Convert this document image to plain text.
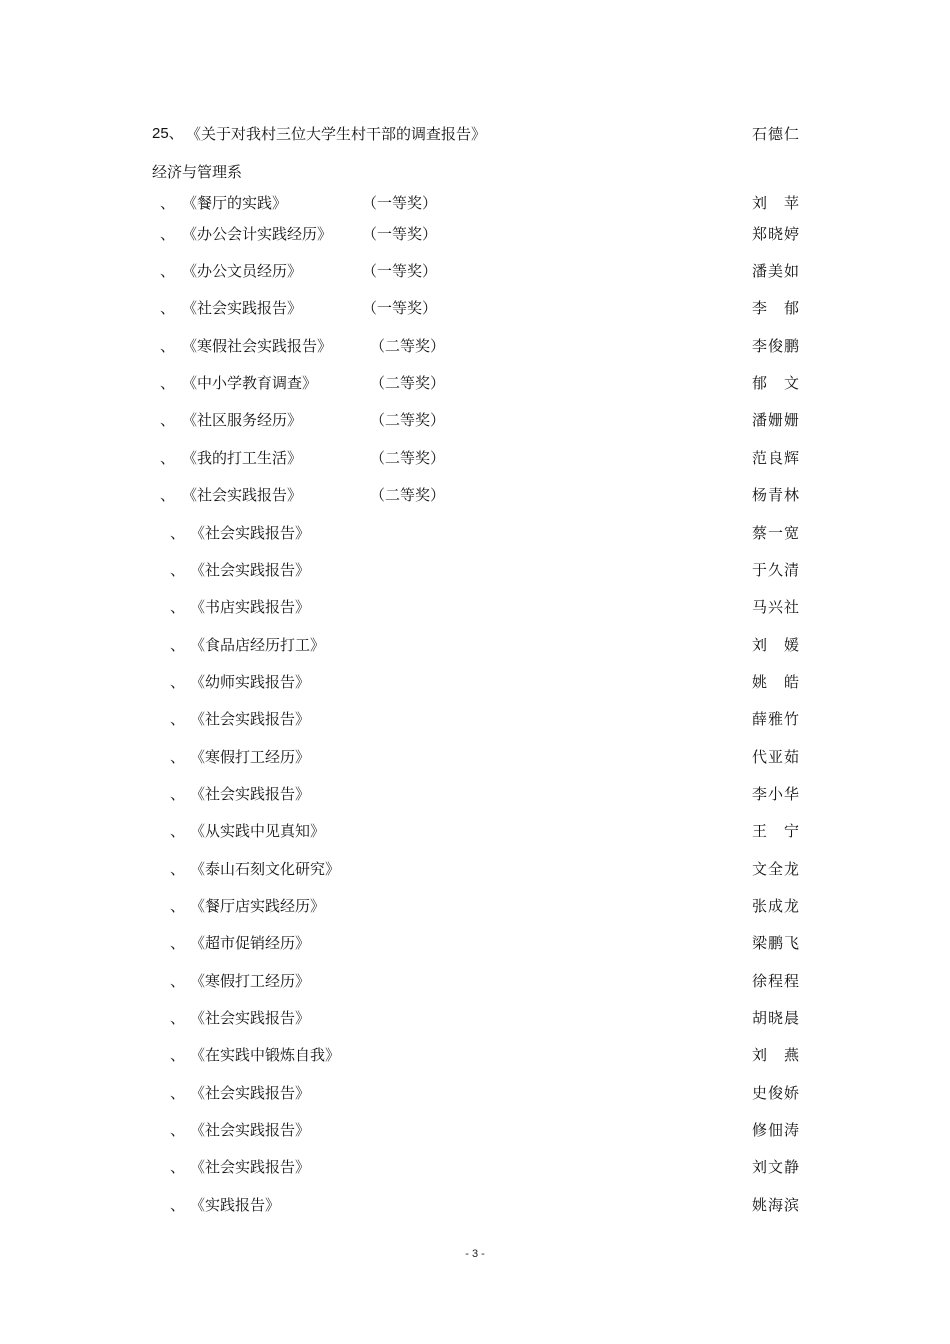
25、 《关于对我村三位大学生村干部的调查报告》	石德仁
经济与管理系
、 《餐厅的实践》	（一等奖）	刘　苹
、 《办公会计实践经历》 （一等奖）	郑晓婷
、 《办公文员经历》	（一等奖）	潘美如
、 《社会实践报告》	（一等奖）	李　郁
、 《寒假社会实践报告》	（二等奖）	李俊鹏
、 《中小学教育调查》	（二等奖）	郁　文
、 《社区服务经历》	（二等奖）	潘姗姗
、 《我的打工生活》	（二等奖）	范良辉
、 《社会实践报告》	（二等奖）	杨青林
、 《社会实践报告》	蔡一宽
、 《社会实践报告》	于久清
、 《书店实践报告》	马兴社
、 《食品店经历打工》	刘　媛
、 《幼师实践报告》	姚　皓
、 《社会实践报告》	薛雅竹
、 《寒假打工经历》	代亚茹
、 《社会实践报告》	李小华
、 《从实践中见真知》	王　宁
、 《泰山石刻文化研究》	文全龙
、 《餐厅店实践经历》	张成龙
、 《超市促销经历》	梁鹏飞
、 《寒假打工经历》	徐程程
、 《社会实践报告》	胡晓晨
、 《在实践中锻炼自我》	刘　燕
、 《社会实践报告》	史俊娇
、 《社会实践报告》	修佃涛
、 《社会实践报告》	刘文静
、 《实践报告》	姚海滨
- 3 -
